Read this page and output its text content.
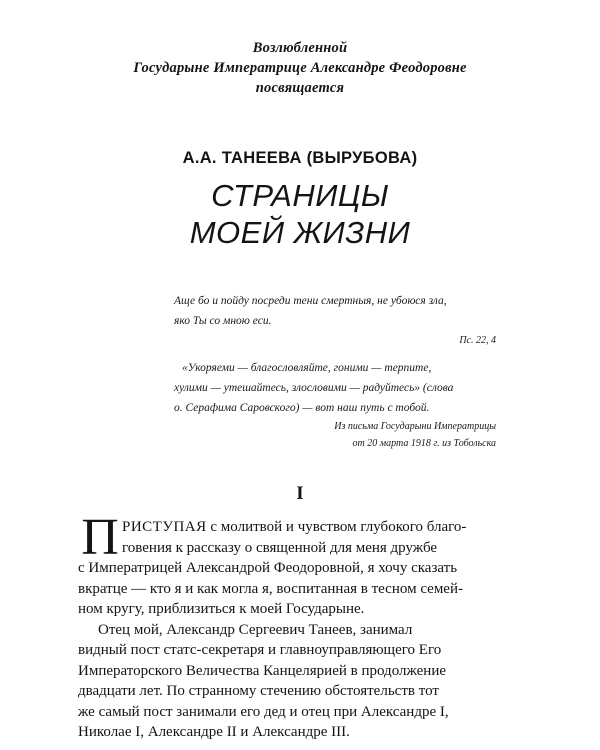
Возлюбленной
Государыне Императрице Александре Феодоровне
посвящается
А.А. ТАНЕЕВА (ВЫРУБОВА)
СТРАНИЦЫ
МОЕЙ ЖИЗНИ
Аще бо и пойду посреди тени смертныя, не убоюся зла,
яко Ты со мною еси.
Пс. 22, 4
«Укоряеми — благословляйте, гоними — терпите,
хулими — утешайтесь, злословими — радуйтесь» (слова
о. Серафима Саровского) — вот наш путь с тобой.
Из письма Государыни Императрицы
от 20 марта 1918 г. из Тобольска
I
П РИСТУПАЯ с молитвой и чувством глубокого благо-
говения к рассказу о священной для меня дружбе
с Императрицей Александрой Феодоровной, я хочу сказать
вкратце — кто я и как могла я, воспитанная в тесном семей-
ном кругу, приблизиться к моей Государыне.
Отец мой, Александр Сергеевич Танеев, занимал
видный пост статс-секретаря и главноуправляющего Его
Императорского Величества Канцелярией в продолжение
двадцати лет. По странному стечению обстоятельств тот
же самый пост занимали его дед и отец при Александре I,
Николае I, Александре II и Александре III.
